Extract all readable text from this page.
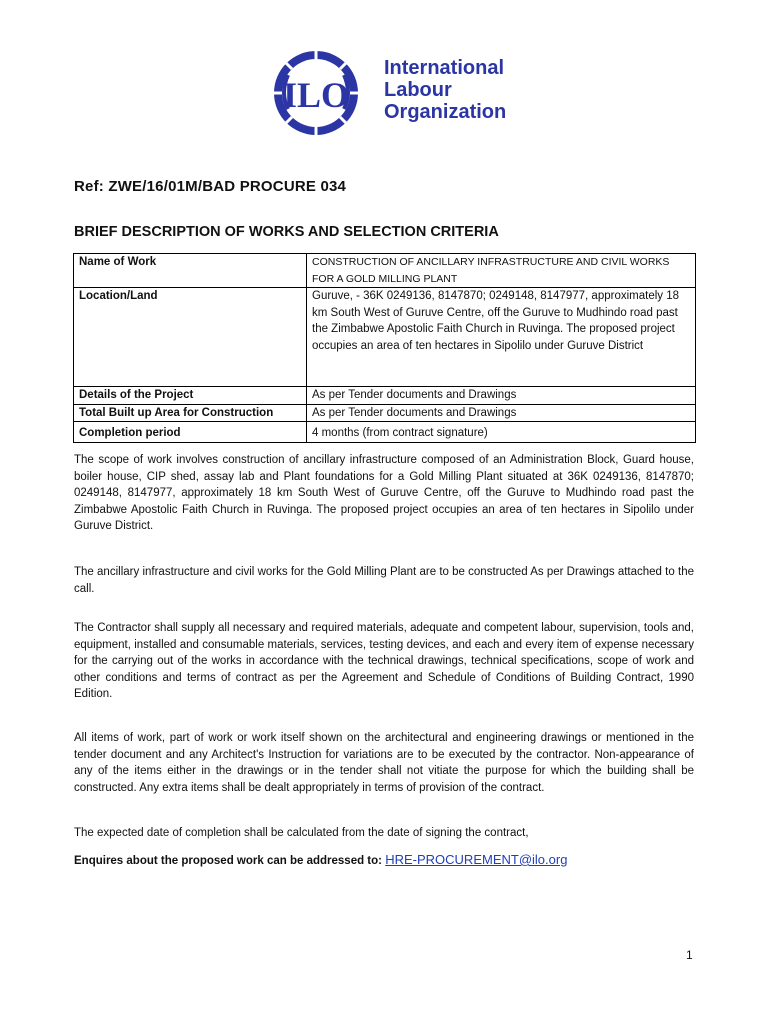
ILO
International
Labour
Organization
Ref: ZWE/16/01M/BAD PROCURE 034
BRIEF DESCRIPTION OF WORKS AND SELECTION CRITERIA
Name of Work	CONSTRUCTION OF ANCILLARY INFRASTRUCTURE AND CIVIL WORKS FOR A GOLD MILLING PLANT
Location/Land	Guruve, - 36K 0249136, 8147870; 0249148, 8147977, approximately 18 km South West of Guruve Centre, off the Guruve to Mudhindo road past the Zimbabwe Apostolic Faith Church in Ruvinga. The proposed project occupies an area of ten hectares in Sipolilo under Guruve District
Details of the Project	As per Tender documents and Drawings
Total Built up Area for Construction	As per Tender documents and Drawings
Completion period	4 months (from contract signature)
The scope of work involves construction of ancillary infrastructure composed of an Administration Block, Guard house, boiler house, CIP shed, assay lab and Plant foundations for a Gold Milling Plant situated at 36K 0249136, 8147870; 0249148, 8147977, approximately 18 km South West of Guruve Centre, off the Guruve to Mudhindo road past the Zimbabwe Apostolic Faith Church in Ruvinga. The proposed project occupies an area of ten hectares in Sipolilo under Guruve District.
The ancillary infrastructure and civil works for the Gold Milling Plant are to be constructed As per Drawings attached to the call.
The Contractor shall supply all necessary and required materials, adequate and competent labour, supervision, tools and, equipment, installed and consumable materials, services, testing devices, and each and every item of expense necessary for the carrying out of the works in accordance with the technical drawings, technical specifications, scope of work and other conditions and terms of contract as per the Agreement and Schedule of Conditions of Building Contract, 1990 Edition.
All items of work, part of work or work itself shown on the architectural and engineering drawings or mentioned in the tender document and any Architect's Instruction for variations are to be executed by the contractor. Non-appearance of any of the items either in the drawings or in the tender shall not vitiate the purpose for which the building shall be constructed. Any extra items shall be dealt appropriately in terms of provision of the contract.
The expected date of completion shall be calculated from the date of signing the contract,
Enquires about the proposed work can be addressed to: HRE-PROCUREMENT@ilo.org
1
